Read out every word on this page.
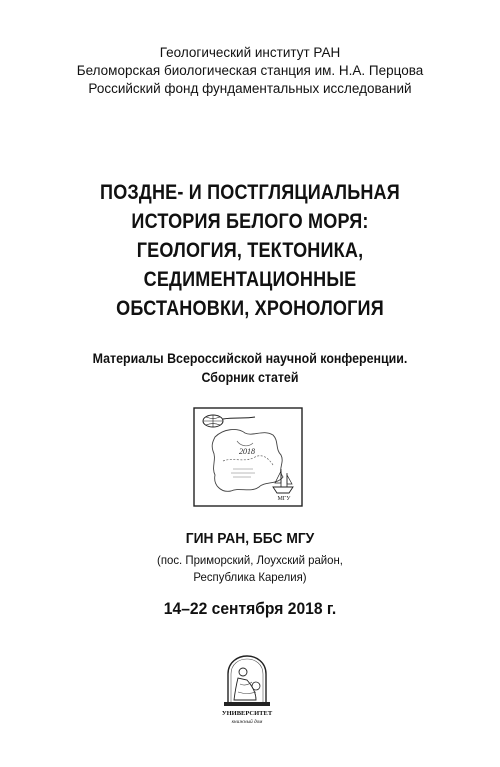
Геологический институт РАН
Беломорская биологическая станция им. Н.А. Перцова
Российский фонд фундаментальных исследований
ПОЗДНЕ- И ПОСТГЛЯЦИАЛЬНАЯ
ИСТОРИЯ БЕЛОГО МОРЯ:
ГЕОЛОГИЯ, ТЕКТОНИКА,
СЕДИМЕНТАЦИОННЫЕ
ОБСТАНОВКИ, ХРОНОЛОГИЯ
Материалы Всероссийской научной конференции.
Сборник статей
2018
МГУ
ГИН РАН, ББС МГУ
(пос. Приморский, Лоухский район,
Республика Карелия)
14–22 сентября 2018 г.
УНИВЕРСИТЕТ
книжный дом
